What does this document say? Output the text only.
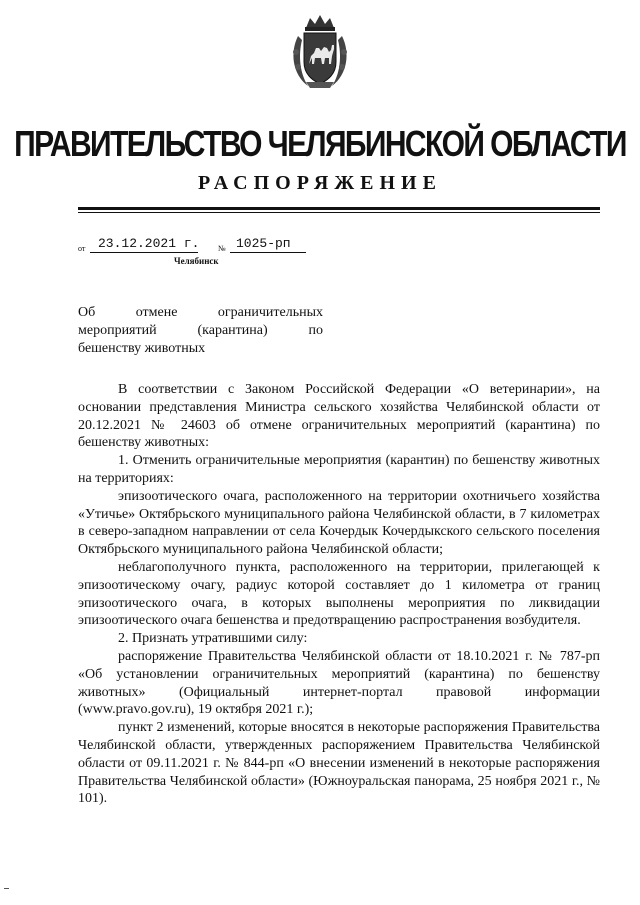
ПРАВИТЕЛЬСТВО ЧЕЛЯБИНСКОЙ ОБЛАСТИ
РАСПОРЯЖЕНИЕ
от 23.12.2021 г. № 1025-рп
Челябинск
Об отмене ограничительных
мероприятий (карантина) по
бешенству животных

В соответствии с Законом Российской Федерации «О ветеринарии», на основании представления Министра сельского хозяйства Челябинской области от 20.12.2021 № 24603 об отмене ограничительных мероприятий (карантина) по бешенству животных:

1. Отменить ограничительные мероприятия (карантин) по бешенству животных на территориях:

эпизоотического очага, расположенного на территории охотничьего хозяйства «Утичье» Октябрьского муниципального района Челябинской области, в 7 километрах в северо-западном направлении от села Кочердык Кочердыкского сельского поселения Октябрьского муниципального района Челябинской области;

неблагополучного пункта, расположенного на территории, прилегающей к эпизоотическому очагу, радиус которой составляет до 1 километра от границ эпизоотического очага, в которых выполнены мероприятия по ликвидации эпизоотического очага бешенства и предотвращению распространения возбудителя.

2. Признать утратившими силу:

распоряжение Правительства Челябинской области от 18.10.2021 г. № 787-рп «Об установлении ограничительных мероприятий (карантина) по бешенству животных» (Официальный интернет-портал правовой информации (www.pravo.gov.ru), 19 октября 2021 г.);

пункт 2 изменений, которые вносятся в некоторые распоряжения Правительства Челябинской области, утвержденных распоряжением Правительства Челябинской области от 09.11.2021 г. № 844-рп «О внесении изменений в некоторые распоряжения Правительства Челябинской области» (Южноуральская панорама, 25 ноября 2021 г., № 101).
